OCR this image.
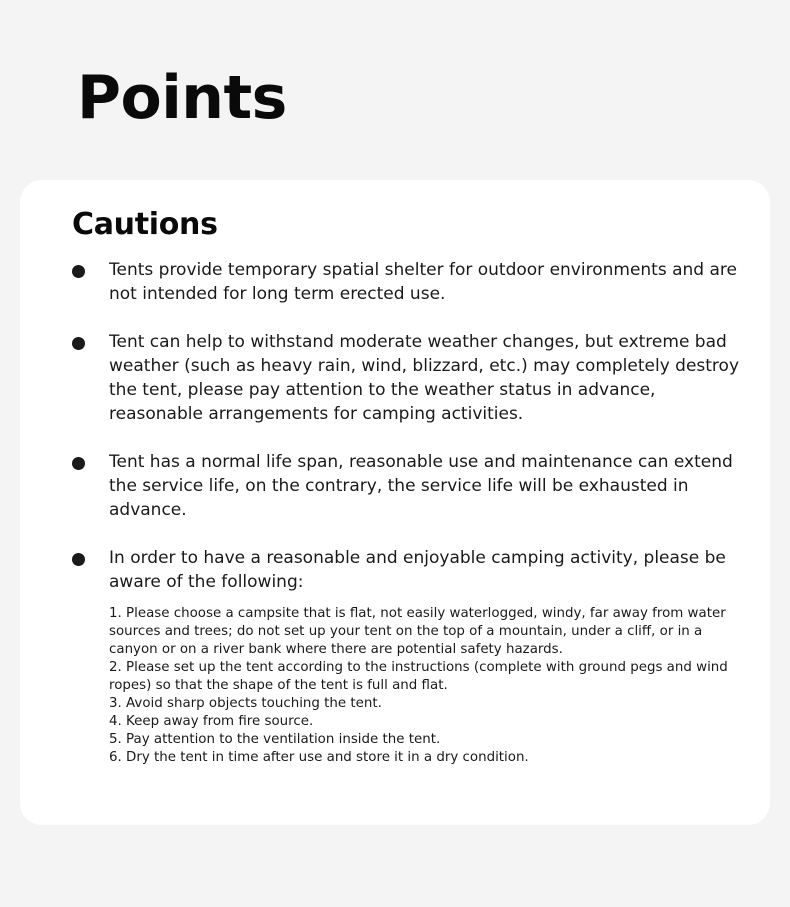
Points
Cautions
Tents provide temporary spatial shelter for outdoor environments and are not intended for long term erected use.
Tent can help to withstand moderate weather changes, but extreme bad weather (such as heavy rain, wind, blizzard, etc.) may completely destroy the tent, please pay attention to the weather status in advance, reasonable arrangements for camping activities.
Tent has a normal life span, reasonable use and maintenance can extend the service life, on the contrary, the service life will be exhausted in advance.
In order to have a reasonable and enjoyable camping activity, please be aware of the following:
1. Please choose a campsite that is flat, not easily waterlogged, windy, far away from water sources and trees; do not set up your tent on the top of a mountain, under a cliff, or in a canyon or on a river bank where there are potential safety hazards.
2. Please set up the tent according to the instructions (complete with ground pegs and wind ropes) so that the shape of the tent is full and flat.
3. Avoid sharp objects touching the tent.
4. Keep away from fire source.
5. Pay attention to the ventilation inside the tent.
6. Dry the tent in time after use and store it in a dry condition.
